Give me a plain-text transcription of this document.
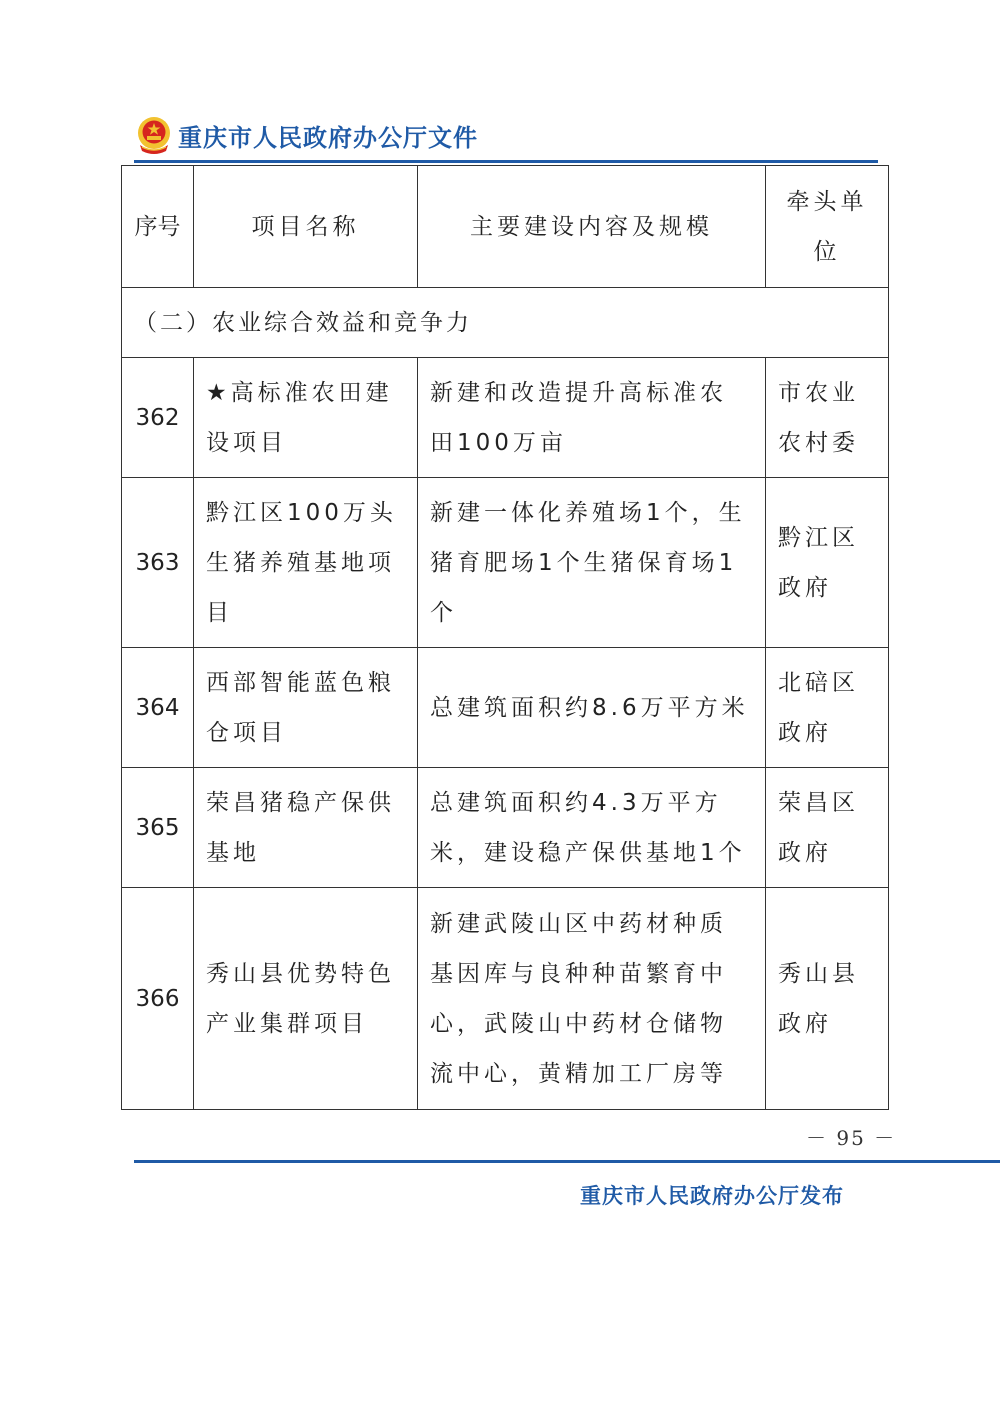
重庆市人民政府办公厅文件
序号	项目名称	主要建设内容及规模	牵头单位
（二）农业综合效益和竞争力			
362	★高标准农田建设项目	新建和改造提升高标准农田100万亩	市农业农村委
363	黔江区100万头生猪养殖基地项目	新建一体化养殖场1个，生猪育肥场1个生猪保育场1个	黔江区政府
364	西部智能蓝色粮仓项目	总建筑面积约8.6万平方米	北碚区政府
365	荣昌猪稳产保供基地	总建筑面积约4.3万平方米，建设稳产保供基地1个	荣昌区政府
366	秀山县优势特色产业集群项目	新建武陵山区中药材种质基因库与良种种苗繁育中心，武陵山中药材仓储物流中心，黄精加工厂房等	秀山县政府
－ 95 －
重庆市人民政府办公厅发布
